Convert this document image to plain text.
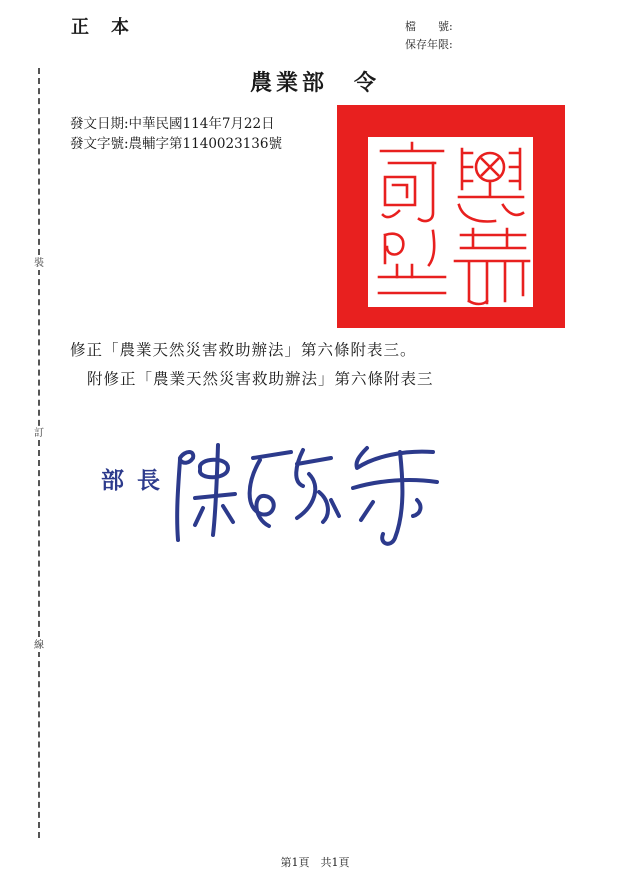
裝
訂
線
正　本	檔　　號:
保存年限:
農業部　令
發文日期:中華民國114年7月22日
發文字號:農輔字第1140023136號
修正「農業天然災害救助辦法」第六條附表三。
附修正「農業天然災害救助辦法」第六條附表三
部長
第1頁　共1頁
